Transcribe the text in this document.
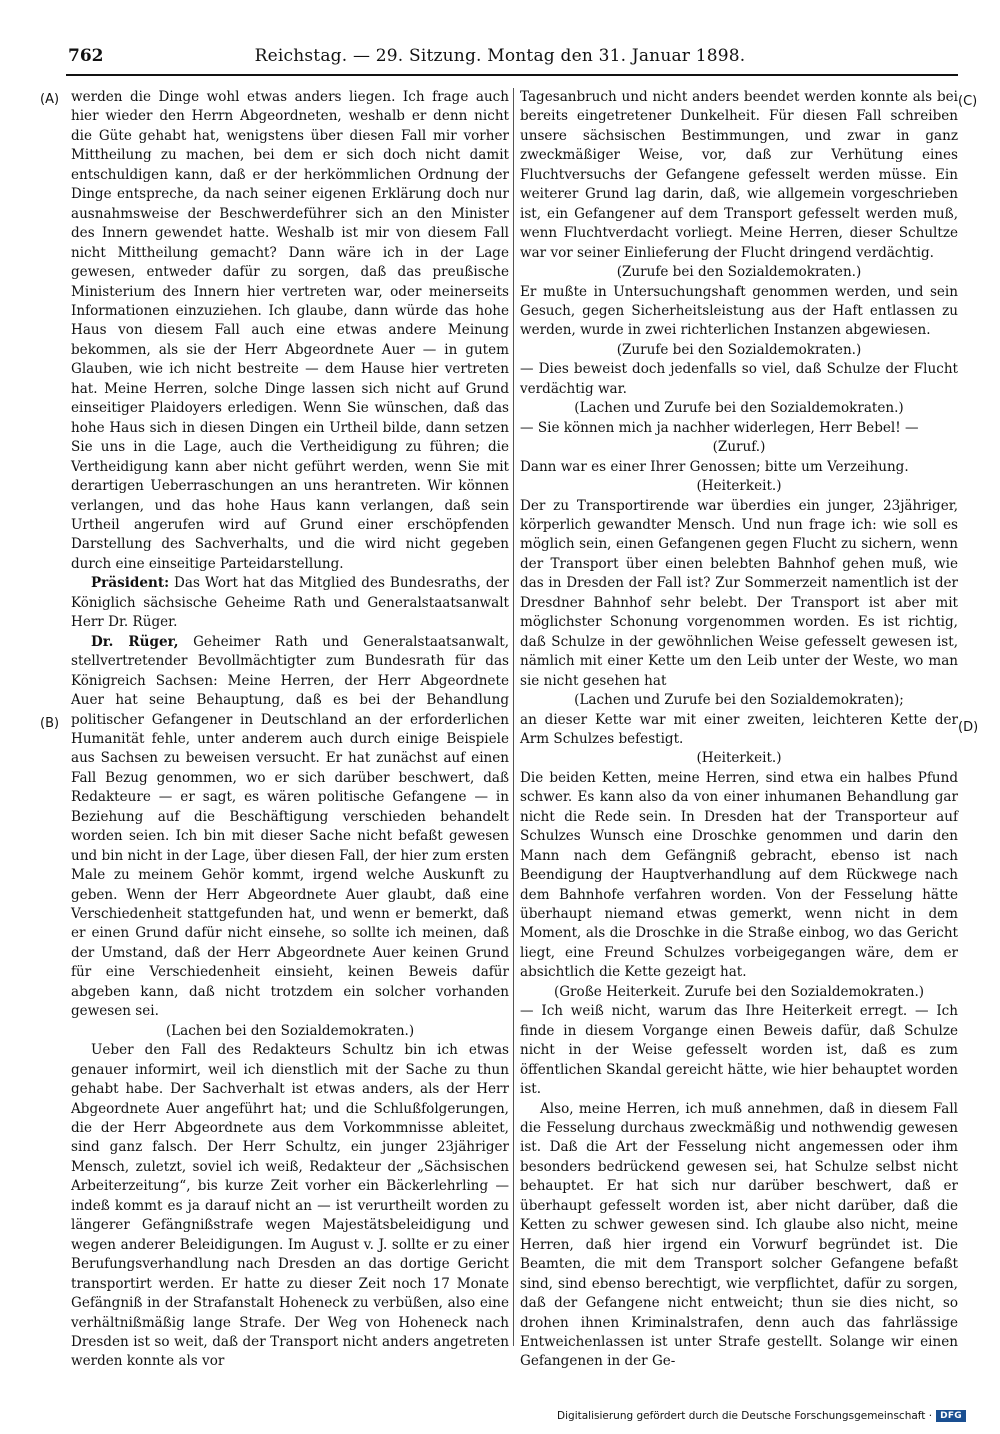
762	Reichstag. — 29. Sitzung. Montag den 31. Januar 1898.
(A)
(B)
(C)
(D)

werden die Dinge wohl etwas anders liegen. Ich frage auch hier wieder den Herrn Abgeordneten, weshalb er denn nicht die Güte gehabt hat, wenigstens über diesen Fall mir vorher Mittheilung zu machen, bei dem er sich doch nicht damit entschuldigen kann, daß er der herkömmlichen Ordnung der Dinge entspreche, da nach seiner eigenen Erklärung doch nur ausnahmsweise der Beschwerdeführer sich an den Minister des Innern gewendet hatte. Weshalb ist mir von diesem Fall nicht Mittheilung gemacht? Dann wäre ich in der Lage gewesen, entweder dafür zu sorgen, daß das preußische Ministerium des Innern hier vertreten war, oder meinerseits Informationen einzuziehen. Ich glaube, dann würde das hohe Haus von diesem Fall auch eine etwas andere Meinung bekommen, als sie der Herr Abgeordnete Auer — in gutem Glauben, wie ich nicht bestreite — dem Hause hier vertreten hat. Meine Herren, solche Dinge lassen sich nicht auf Grund einseitiger Plaidoyers erledigen. Wenn Sie wünschen, daß das hohe Haus sich in diesen Dingen ein Urtheil bilde, dann setzen Sie uns in die Lage, auch die Vertheidigung zu führen; die Vertheidigung kann aber nicht geführt werden, wenn Sie mit derartigen Ueberraschungen an uns herantreten. Wir können verlangen, und das hohe Haus kann verlangen, daß sein Urtheil angerufen wird auf Grund einer erschöpfenden Darstellung des Sachverhalts, und die wird nicht gegeben durch eine einseitige Parteidarstellung.

Präsident: Das Wort hat das Mitglied des Bundesraths, der Königlich sächsische Geheime Rath und Generalstaatsanwalt Herr Dr. Rüger.

Dr. Rüger, Geheimer Rath und Generalstaatsanwalt, stellvertretender Bevollmächtigter zum Bundesrath für das Königreich Sachsen: Meine Herren, der Herr Abgeordnete Auer hat seine Behauptung, daß es bei der Behandlung politischer Gefangener in Deutschland an der erforderlichen Humanität fehle, unter anderem auch durch einige Beispiele aus Sachsen zu beweisen versucht. Er hat zunächst auf einen Fall Bezug genommen, wo er sich darüber beschwert, daß Redakteure — er sagt, es wären politische Gefangene — in Beziehung auf die Beschäftigung verschieden behandelt worden seien. Ich bin mit dieser Sache nicht befaßt gewesen und bin nicht in der Lage, über diesen Fall, der hier zum ersten Male zu meinem Gehör kommt, irgend welche Auskunft zu geben. Wenn der Herr Abgeordnete Auer glaubt, daß eine Verschiedenheit stattgefunden hat, und wenn er bemerkt, daß er einen Grund dafür nicht einsehe, so sollte ich meinen, daß der Umstand, daß der Herr Abgeordnete Auer keinen Grund für eine Verschiedenheit einsieht, keinen Beweis dafür abgeben kann, daß nicht trotzdem ein solcher vorhanden gewesen sei.

(Lachen bei den Sozialdemokraten.)

Ueber den Fall des Redakteurs Schultz bin ich etwas genauer informirt, weil ich dienstlich mit der Sache zu thun gehabt habe. Der Sachverhalt ist etwas anders, als der Herr Abgeordnete Auer angeführt hat; und die Schlußfolgerungen, die der Herr Abgeordnete aus dem Vorkommnisse ableitet, sind ganz falsch. Der Herr Schultz, ein junger 23jähriger Mensch, zuletzt, soviel ich weiß, Redakteur der „Sächsischen Arbeiterzeitung“, bis kurze Zeit vorher ein Bäckerlehrling — indeß kommt es ja darauf nicht an — ist verurtheilt worden zu längerer Gefängnißstrafe wegen Majestätsbeleidigung und wegen anderer Beleidigungen. Im August v. J. sollte er zu einer Berufungsverhandlung nach Dresden an das dortige Gericht transportirt werden. Er hatte zu dieser Zeit noch 17 Monate Gefängniß in der Strafanstalt Hoheneck zu verbüßen, also eine verhältnißmäßig lange Strafe. Der Weg von Hoheneck nach Dresden ist so weit, daß der Transport nicht anders angetreten werden konnte als vor

Tagesanbruch und nicht anders beendet werden konnte als bei bereits eingetretener Dunkelheit. Für diesen Fall schreiben unsere sächsischen Bestimmungen, und zwar in ganz zweckmäßiger Weise, vor, daß zur Verhütung eines Fluchtversuchs der Gefangene gefesselt werden müsse. Ein weiterer Grund lag darin, daß, wie allgemein vorgeschrieben ist, ein Gefangener auf dem Transport gefesselt werden muß, wenn Fluchtverdacht vorliegt. Meine Herren, dieser Schultze war vor seiner Einlieferung der Flucht dringend verdächtig.

(Zurufe bei den Sozialdemokraten.)

Er mußte in Untersuchungshaft genommen werden, und sein Gesuch, gegen Sicherheitsleistung aus der Haft entlassen zu werden, wurde in zwei richterlichen Instanzen abgewiesen.

(Zurufe bei den Sozialdemokraten.)

— Dies beweist doch jedenfalls so viel, daß Schulze der Flucht verdächtig war.

(Lachen und Zurufe bei den Sozialdemokraten.)

— Sie können mich ja nachher widerlegen, Herr Bebel! —

(Zuruf.)

Dann war es einer Ihrer Genossen; bitte um Verzeihung.

(Heiterkeit.)

Der zu Transportirende war überdies ein junger, 23jähriger, körperlich gewandter Mensch. Und nun frage ich: wie soll es möglich sein, einen Gefangenen gegen Flucht zu sichern, wenn der Transport über einen belebten Bahnhof gehen muß, wie das in Dresden der Fall ist? Zur Sommerzeit namentlich ist der Dresdner Bahnhof sehr belebt. Der Transport ist aber mit möglichster Schonung vorgenommen worden. Es ist richtig, daß Schulze in der gewöhnlichen Weise gefesselt gewesen ist, nämlich mit einer Kette um den Leib unter der Weste, wo man sie nicht gesehen hat

(Lachen und Zurufe bei den Sozialdemokraten);

an dieser Kette war mit einer zweiten, leichteren Kette der Arm Schulzes befestigt.

(Heiterkeit.)

Die beiden Ketten, meine Herren, sind etwa ein halbes Pfund schwer. Es kann also da von einer inhumanen Behandlung gar nicht die Rede sein. In Dresden hat der Transporteur auf Schulzes Wunsch eine Droschke genommen und darin den Mann nach dem Gefängniß gebracht, ebenso ist nach Beendigung der Hauptverhandlung auf dem Rückwege nach dem Bahnhofe verfahren worden. Von der Fesselung hätte überhaupt niemand etwas gemerkt, wenn nicht in dem Moment, als die Droschke in die Straße einbog, wo das Gericht liegt, eine Freund Schulzes vorbeigegangen wäre, dem er absichtlich die Kette gezeigt hat.

(Große Heiterkeit. Zurufe bei den Sozialdemokraten.)

— Ich weiß nicht, warum das Ihre Heiterkeit erregt. — Ich finde in diesem Vorgange einen Beweis dafür, daß Schulze nicht in der Weise gefesselt worden ist, daß es zum öffentlichen Skandal gereicht hätte, wie hier behauptet worden ist.

Also, meine Herren, ich muß annehmen, daß in diesem Fall die Fesselung durchaus zweckmäßig und nothwendig gewesen ist. Daß die Art der Fesselung nicht angemessen oder ihm besonders bedrückend gewesen sei, hat Schulze selbst nicht behauptet. Er hat sich nur darüber beschwert, daß er überhaupt gefesselt worden ist, aber nicht darüber, daß die Ketten zu schwer gewesen sind. Ich glaube also nicht, meine Herren, daß hier irgend ein Vorwurf begründet ist. Die Beamten, die mit dem Transport solcher Gefangene befaßt sind, sind ebenso berechtigt, wie verpflichtet, dafür zu sorgen, daß der Gefangene nicht entweicht; thun sie dies nicht, so drohen ihnen Kriminalstrafen, denn auch das fahrlässige Entweichenlassen ist unter Strafe gestellt. Solange wir einen Gefangenen in der Ge-

Digitalisierung gefördert durch die Deutsche Forschungsgemeinschaft · DFG
